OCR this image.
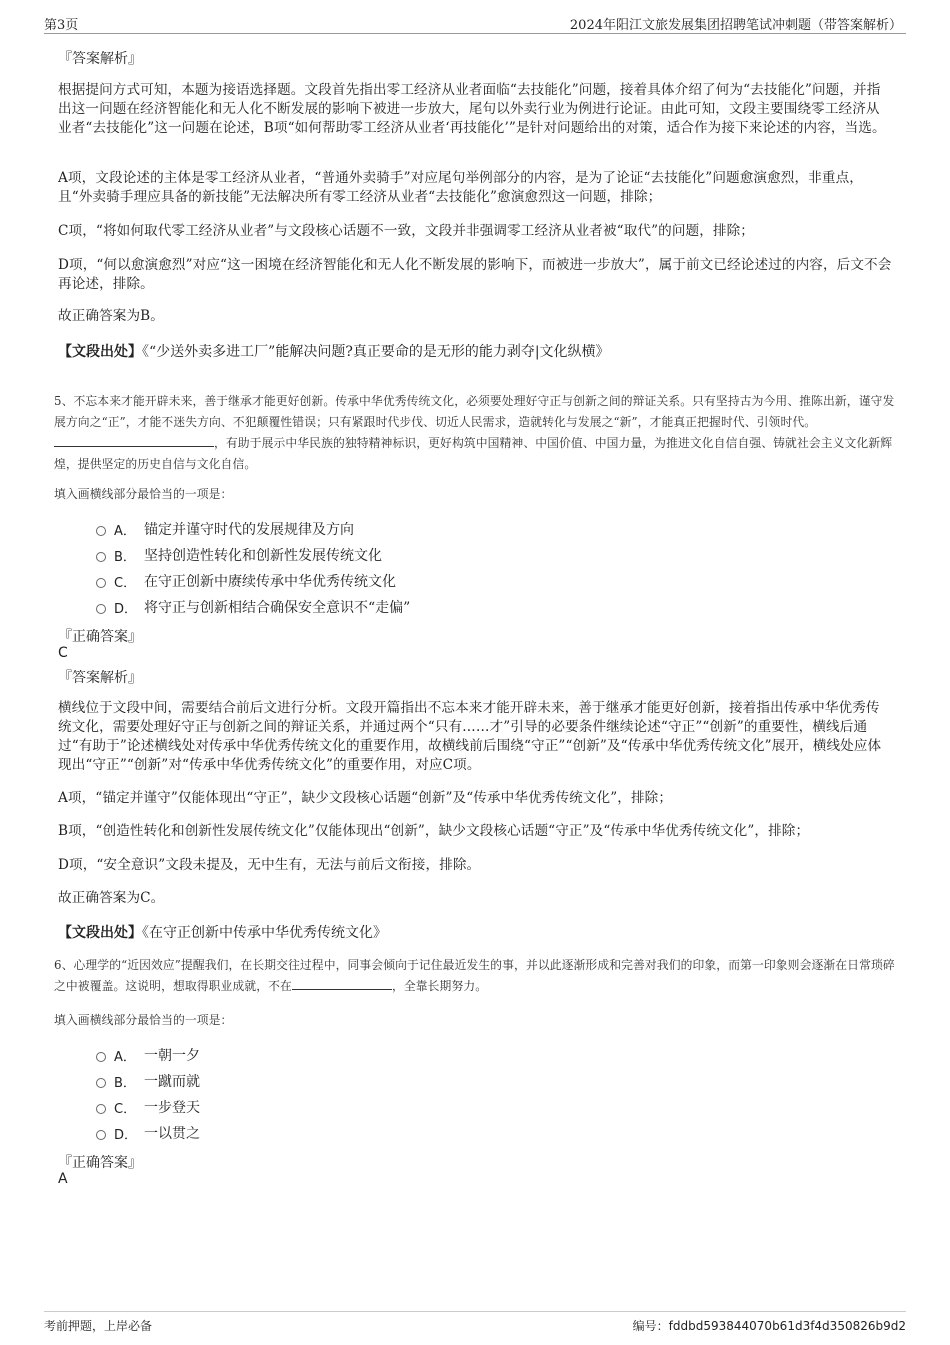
第3页	2024年阳江文旅发展集团招聘笔试冲刺题（带答案解析）
『答案解析』
根据提问方式可知，本题为接语选择题。文段首先指出零工经济从业者面临“去技能化”问题，接着具体介绍了何为“去技能化”问题，并指出这一问题在经济智能化和无人化不断发展的影响下被进一步放大，尾句以外卖行业为例进行论证。由此可知，文段主要围绕零工经济从业者“去技能化”这一问题在论述，B项“如何帮助零工经济从业者‘再技能化’”是针对问题给出的对策，适合作为接下来论述的内容，当选。
A项，文段论述的主体是零工经济从业者，“普通外卖骑手”对应尾句举例部分的内容，是为了论证“去技能化”问题愈演愈烈，非重点，且“外卖骑手理应具备的新技能”无法解决所有零工经济从业者“去技能化”愈演愈烈这一问题，排除；
C项，“将如何取代零工经济从业者”与文段核心话题不一致，文段并非强调零工经济从业者被“取代”的问题，排除；
D项，“何以愈演愈烈”对应“这一困境在经济智能化和无人化不断发展的影响下，而被进一步放大”，属于前文已经论述过的内容，后文不会再论述，排除。
故正确答案为B。
【文段出处】《“少送外卖多进工厂”能解决问题?真正要命的是无形的能力剥夺|文化纵横》
5、不忘本来才能开辟未来，善于继承才能更好创新。传承中华优秀传统文化，必须要处理好守正与创新之间的辩证关系。只有坚持古为今用、推陈出新，谨守发展方向之“正”，才能不迷失方向、不犯颠覆性错误；只有紧跟时代步伐、切近人民需求，造就转化与发展之“新”，才能真正把握时代、引领时代。，有助于展示中华民族的独特精神标识，更好构筑中国精神、中国价值、中国力量，为推进文化自信自强、铸就社会主义文化新辉煌，提供坚定的历史自信与文化自信。
填入画横线部分最恰当的一项是：
A． 锚定并谨守时代的发展规律及方向
B． 坚持创造性转化和创新性发展传统文化
C． 在守正创新中赓续传承中华优秀传统文化
D． 将守正与创新相结合确保安全意识不“走偏”
『正确答案』
C
『答案解析』
横线位于文段中间，需要结合前后文进行分析。文段开篇指出不忘本来才能开辟未来，善于继承才能更好创新，接着指出传承中华优秀传统文化，需要处理好守正与创新之间的辩证关系，并通过两个“只有……才”引导的必要条件继续论述“守正”“创新”的重要性，横线后通过“有助于”论述横线处对传承中华优秀传统文化的重要作用，故横线前后围绕“守正”“创新”及“传承中华优秀传统文化”展开，横线处应体现出“守正”“创新”对“传承中华优秀传统文化”的重要作用，对应C项。
A项，“锚定并谨守”仅能体现出“守正”，缺少文段核心话题“创新”及“传承中华优秀传统文化”，排除；
B项，“创造性转化和创新性发展传统文化”仅能体现出“创新”，缺少文段核心话题“守正”及“传承中华优秀传统文化”，排除；
D项，“安全意识”文段未提及，无中生有，无法与前后文衔接，排除。
故正确答案为C。
【文段出处】《在守正创新中传承中华优秀传统文化》
6、心理学的“近因效应”提醒我们，在长期交往过程中，同事会倾向于记住最近发生的事，并以此逐渐形成和完善对我们的印象，而第一印象则会逐渐在日常琐碎之中被覆盖。这说明，想取得职业成就，不在	，全靠长期努力。
填入画横线部分最恰当的一项是：
A． 一朝一夕
B． 一蹴而就
C． 一步登天
D． 一以贯之
『正确答案』
A
考前押题，上岸必备	编号：fddbd593844070b61d3f4d350826b9d2
